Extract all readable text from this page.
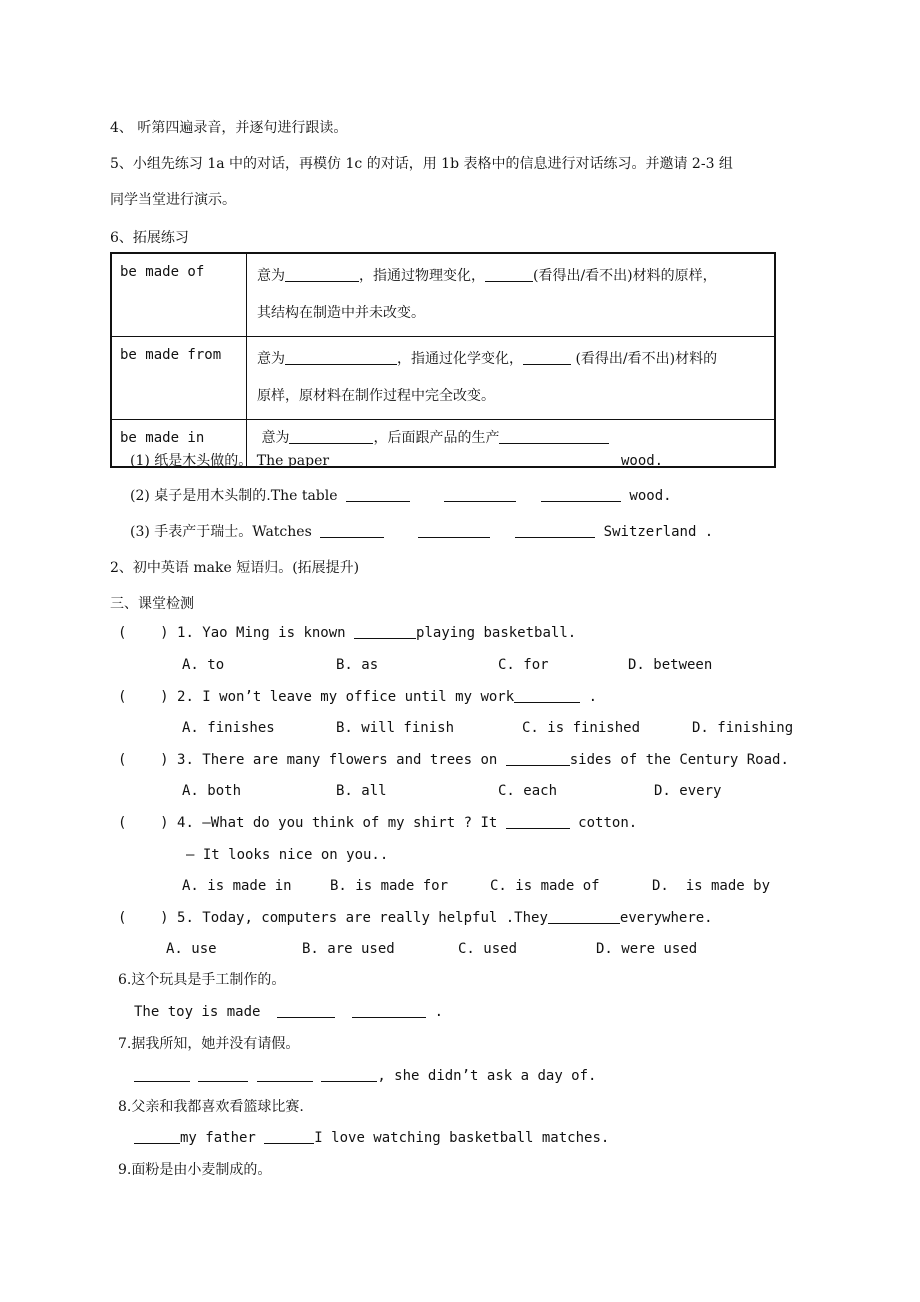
4、 听第四遍录音，并逐句进行跟读。
5、小组先练习 1a 中的对话，再模仿 1c 的对话，用 1b 表格中的信息进行对话练习。并邀请 2-3 组
同学当堂进行演示。
6、拓展练习
be made of	意为 ，指通过物理变化， (看得出/看不出)材料的原样，
其结构在制造中并未改变。
be made from	意为 ，指通过化学变化， (看得出/看不出)材料的
原样，原材料在制作过程中完全改变。
be made in	意为 ，后面跟产品的生产
(1) 纸是木头做的。 The paper	wood.
(2) 桌子是用木头制的.The table	wood.
(3) 手表产于瑞士。Watches	Switzerland .
2、初中英语 make 短语归。(拓展提升)
三、课堂检测
(    ) 1. Yao Ming is known	playing basketball.
A. to	B. as	C. for	D. between
(    ) 2. I won’t leave my office until my work	.
A. finishes	B. will finish	C. is finished	D. finishing
(    ) 3. There are many flowers and trees on	sides of the Century Road.
A. both	B. all	C. each	D. every
(    ) 4. —What do you think of my shirt ? It	cotton.
— It looks nice on you..
A. is made in	B. is made for	C. is made of	D.  is made by
(    ) 5. Today, computers are really helpful .They	everywhere.
A. use	B. are used	C. used	D. were used
6.这个玩具是手工制作的。
The toy is made	.
7.据我所知，她并没有请假。
, she didn’t ask a day of.
8.父亲和我都喜欢看篮球比赛.
my father	I love watching basketball matches.
9.面粉是由小麦制成的。
